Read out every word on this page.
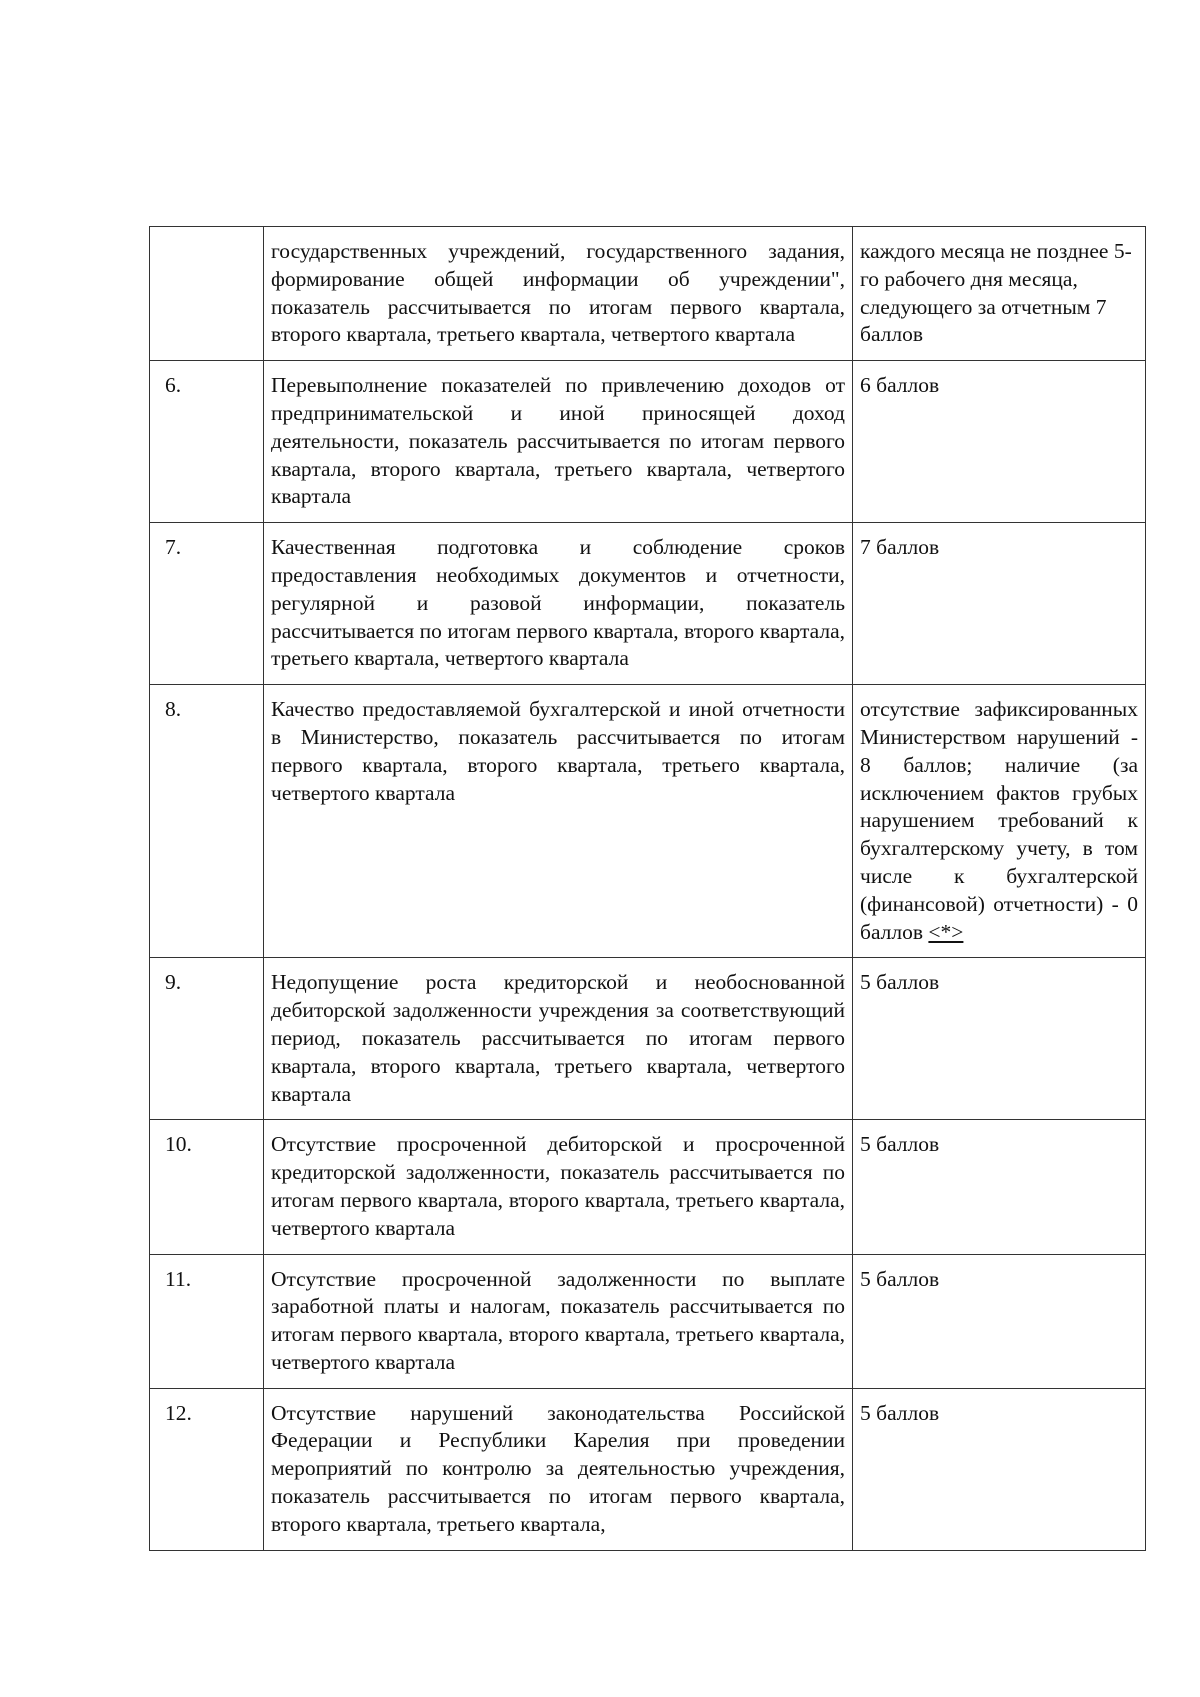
	государственных учреждений, государственного задания, формирование общей информации об учреждении", показатель рассчитывается по итогам первого квартала, второго квартала, третьего квартала, четвертого квартала	каждого месяца не позднее 5-го рабочего дня месяца, следующего за отчетным 7 баллов
6.	Перевыполнение показателей по привлечению доходов от предпринимательской и иной приносящей доход деятельности, показатель рассчитывается по итогам первого квартала, второго квартала, третьего квартала, четвертого квартала	6 баллов
7.	Качественная подготовка и соблюдение сроков предоставления необходимых документов и отчетности, регулярной и разовой информации, показатель рассчитывается по итогам первого квартала, второго квартала, третьего квартала, четвертого квартала	7 баллов
8.	Качество предоставляемой бухгалтерской и иной отчетности в Министерство, показатель рассчитывается по итогам первого квартала, второго квартала, третьего квартала, четвертого квартала	отсутствие зафиксированных Министерством нарушений - 8 баллов; наличие (за исключением фактов грубых нарушением требований к бухгалтерскому учету, в том числе к бухгалтерской (финансовой) отчетности) - 0 баллов <*>
9.	Недопущение роста кредиторской и необоснованной дебиторской задолженности учреждения за соответствующий период, показатель рассчитывается по итогам первого квартала, второго квартала, третьего квартала, четвертого квартала	5 баллов
10.	Отсутствие просроченной дебиторской и просроченной кредиторской задолженности, показатель рассчитывается по итогам первого квартала, второго квартала, третьего квартала, четвертого квартала	5 баллов
11.	Отсутствие просроченной задолженности по выплате заработной платы и налогам, показатель рассчитывается по итогам первого квартала, второго квартала, третьего квартала, четвертого квартала	5 баллов
12.	Отсутствие нарушений законодательства Российской Федерации и Республики Карелия при проведении мероприятий по контролю за деятельностью учреждения, показатель рассчитывается по итогам первого квартала, второго квартала, третьего квартала,	5 баллов
